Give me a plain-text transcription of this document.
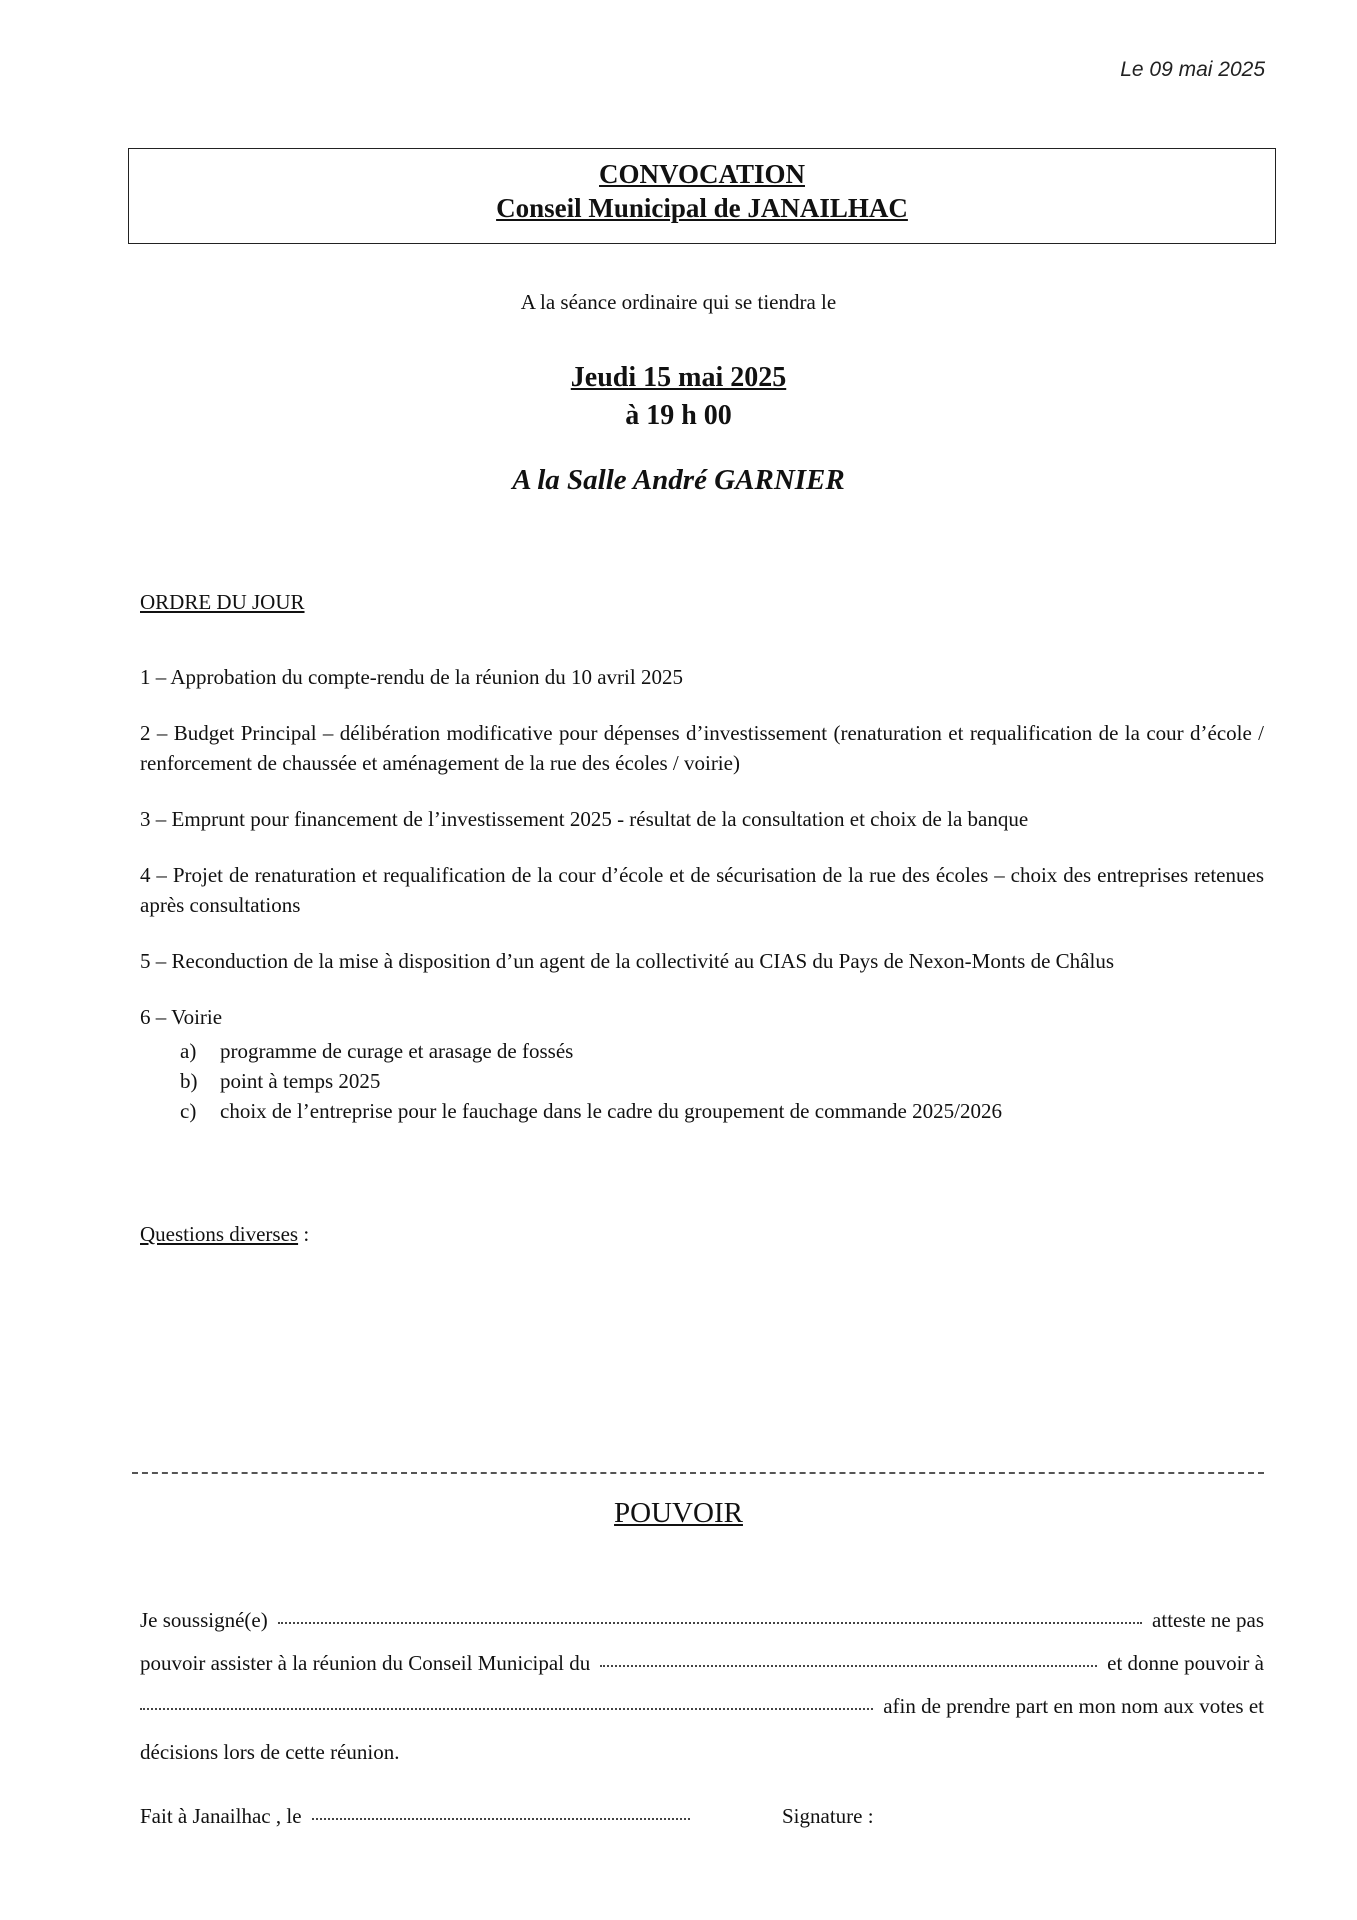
Le 09 mai 2025
CONVOCATION
Conseil Municipal de JANAILHAC
A la séance ordinaire qui se tiendra le
Jeudi 15 mai 2025
à 19 h 00
A la Salle André GARNIER
ORDRE DU JOUR

1 – Approbation du compte-rendu de la réunion du 10 avril 2025

2 – Budget Principal – délibération modificative pour dépenses d’investissement (renaturation et requalification de la cour d’école / renforcement de chaussée et aménagement de la rue des écoles / voirie)

3 – Emprunt pour financement de l’investissement 2025 - résultat de la consultation et choix de la banque

4 – Projet de renaturation et requalification de la cour d’école et de sécurisation de la rue des écoles – choix des entreprises retenues après consultations

5 – Reconduction de la mise à disposition d’un agent de la collectivité au CIAS du Pays de Nexon-Monts de Châlus

6 – Voirie

a)	programme de curage et arasage de fossés
b)	point à temps 2025
c)	choix de l’entreprise pour le fauchage dans le cadre du groupement de commande 2025/2026
Questions diverses :
POUVOIR
Je soussigné(e)	atteste ne pas
pouvoir assister à la réunion du Conseil Municipal du	et donne pouvoir à
afin de prendre part en mon nom aux votes et
décisions lors de cette réunion.
Fait à Janailhac , le	Signature :
